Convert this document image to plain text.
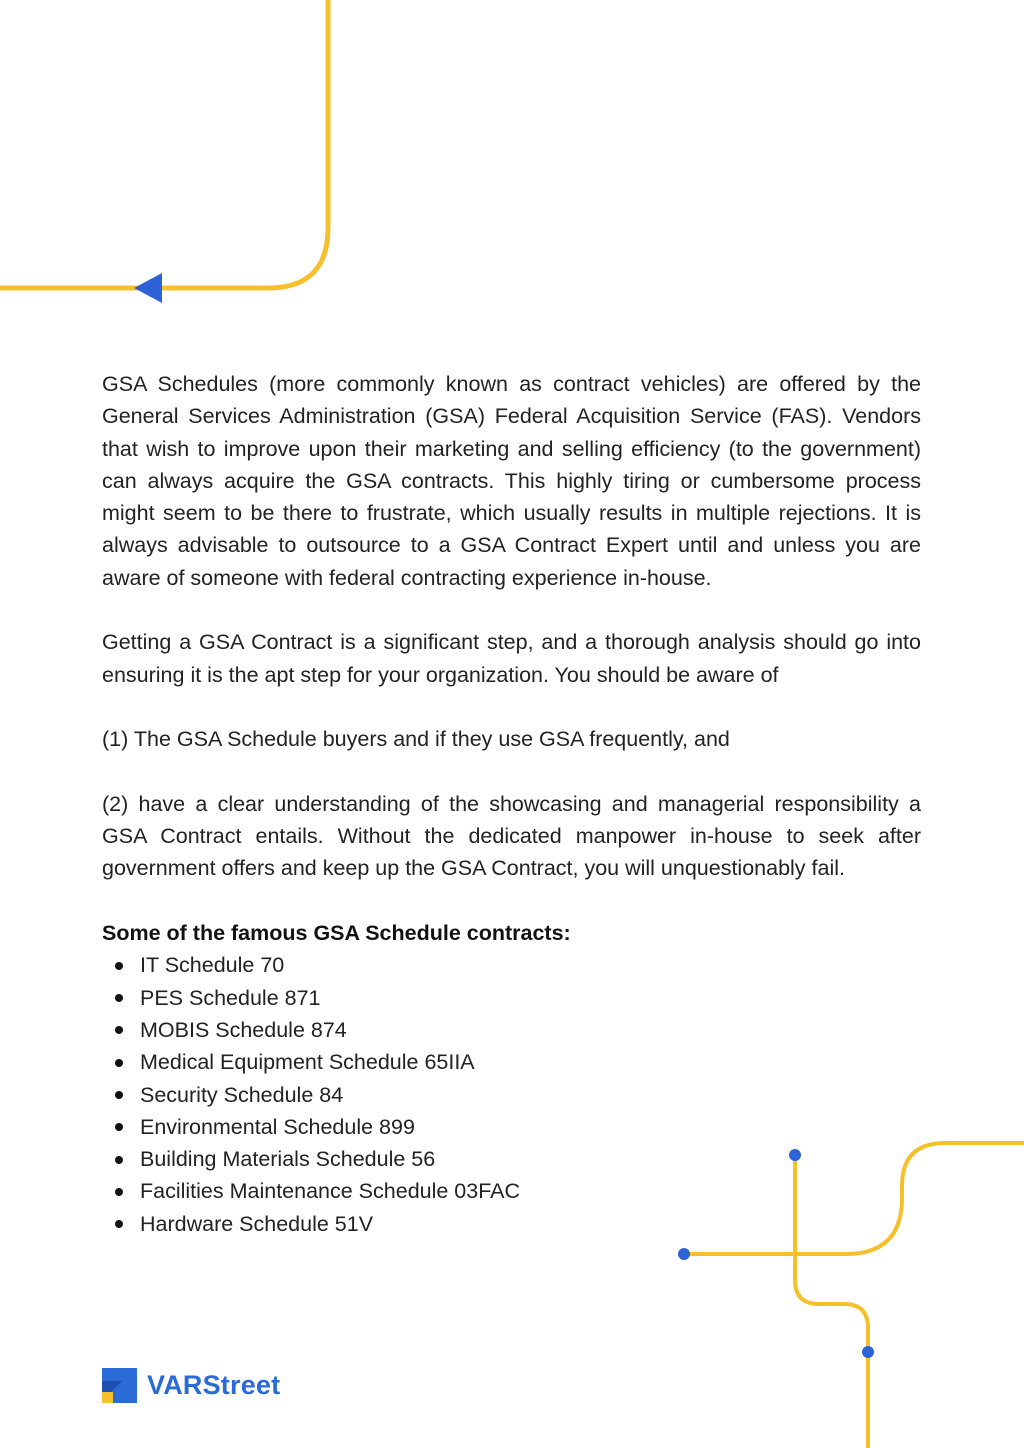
GSA Schedules (more commonly known as contract vehicles) are offered by the General Services Administration (GSA) Federal Acquisition Service (FAS). Vendors that wish to improve upon their marketing and selling efficiency (to the government) can always acquire the GSA contracts. This highly tiring or cumbersome process might seem to be there to frustrate, which usually results in multiple rejections. It is always advisable to outsource to a GSA Contract Expert until and unless you are aware of someone with federal contracting experience in-house.

Getting a GSA Contract is a significant step, and a thorough analysis should go into ensuring it is the apt step for your organization. You should be aware of

(1) The GSA Schedule buyers and if they use GSA frequently, and

(2) have a clear understanding of the showcasing and managerial responsibility a GSA Contract entails. Without the dedicated manpower in-house to seek after government offers and keep up the GSA Contract, you will unquestionably fail.

Some of the famous GSA Schedule contracts:
IT Schedule 70
PES Schedule 871
MOBIS Schedule 874
Medical Equipment Schedule 65IIA
Security Schedule 84
Environmental Schedule 899
Building Materials Schedule 56
Facilities Maintenance Schedule 03FAC
Hardware Schedule 51V
VARStreet
